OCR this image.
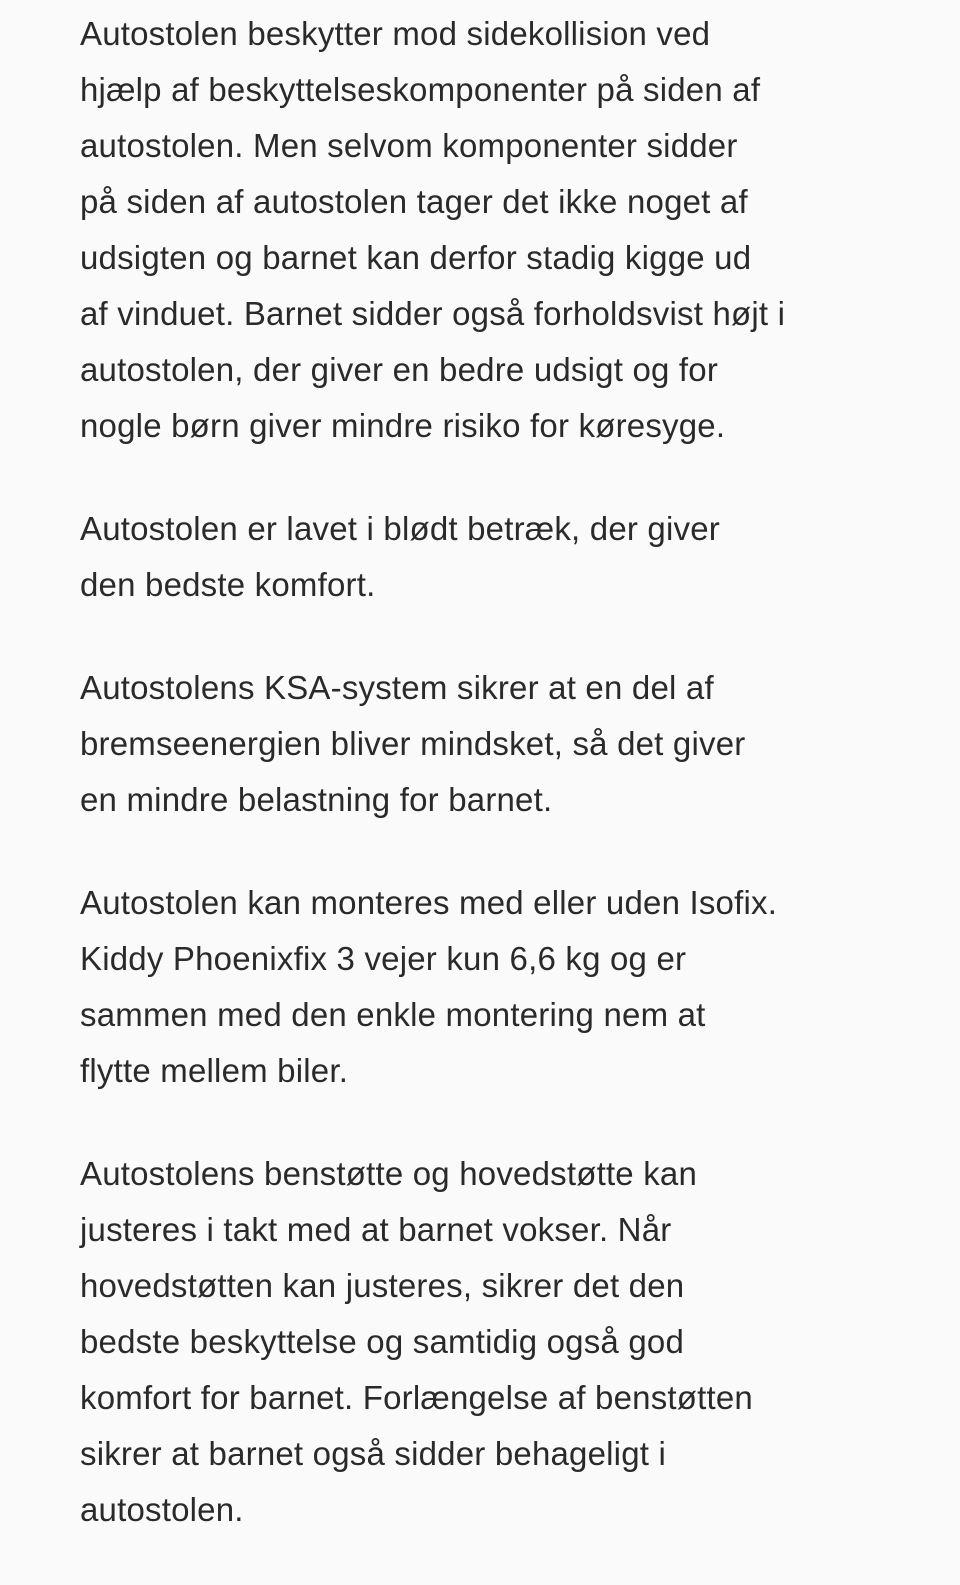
Autostolen beskytter mod sidekollision ved
hjælp af beskyttelseskomponenter på siden af
autostolen. Men selvom komponenter sidder
på siden af autostolen tager det ikke noget af
udsigten og barnet kan derfor stadig kigge ud
af vinduet. Barnet sidder også forholdsvist højt i
autostolen, der giver en bedre udsigt og for
nogle børn giver mindre risiko for køresyge.

Autostolen er lavet i blødt betræk, der giver
den bedste komfort.

Autostolens KSA-system sikrer at en del af
bremseenergien bliver mindsket, så det giver
en mindre belastning for barnet.

Autostolen kan monteres med eller uden Isofix.
Kiddy Phoenixfix 3 vejer kun 6,6 kg og er
sammen med den enkle montering nem at
flytte mellem biler.

Autostolens benstøtte og hovedstøtte kan
justeres i takt med at barnet vokser. Når
hovedstøtten kan justeres, sikrer det den
bedste beskyttelse og samtidig også god
komfort for barnet. Forlængelse af benstøtten
sikrer at barnet også sidder behageligt i
autostolen.
